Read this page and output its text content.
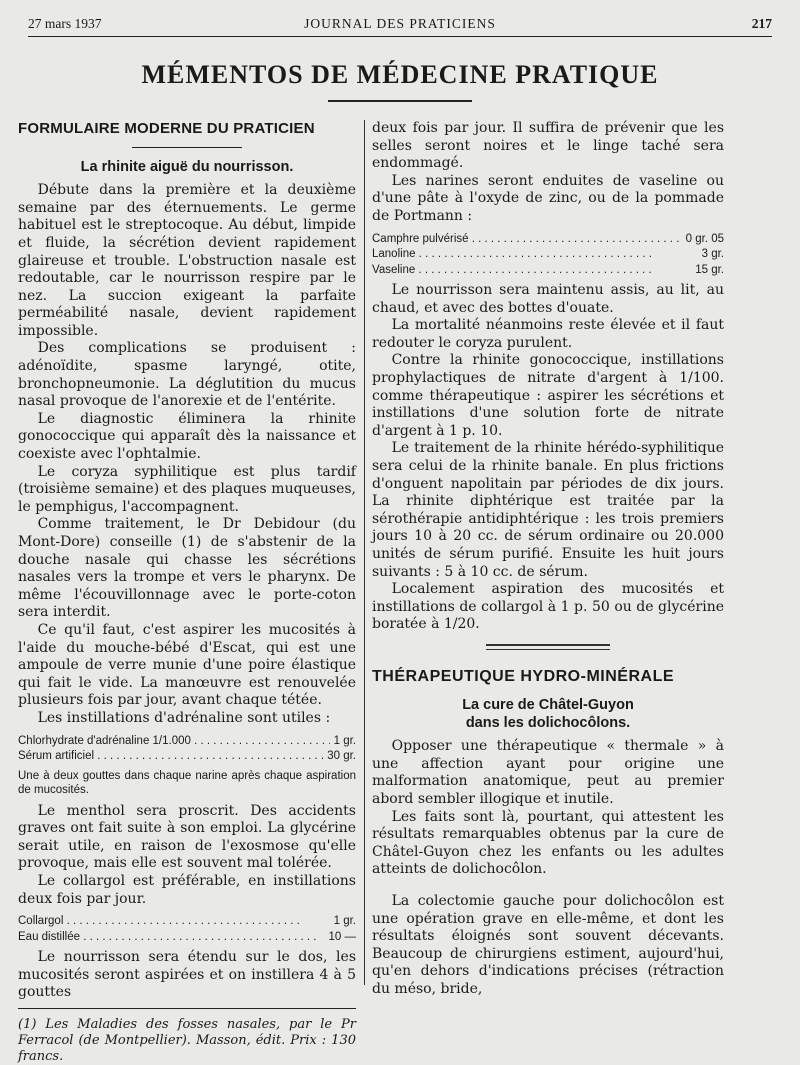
27 mars 1937	JOURNAL DES PRATICIENS	217
MÉMENTOS DE MÉDECINE PRATIQUE
FORMULAIRE MODERNE DU PRATICIEN
La rhinite aiguë du nourrisson.

Débute dans la première et la deuxième semaine par des éternuements. Le germe habituel est le streptocoque. Au début, limpide et fluide, la sécrétion devient rapidement glaireuse et trouble. L'obstruction nasale est redoutable, car le nourrisson respire par le nez. La succion exigeant la parfaite perméabilité nasale, devient rapidement impossible.

Des complications se produisent : adénoïdite, spasme laryngé, otite, bronchopneumonie. La déglutition du mucus nasal provoque de l'anorexie et de l'entérite.

Le diagnostic éliminera la rhinite gonococcique qui apparaît dès la naissance et coexiste avec l'ophtalmie.

Le coryza syphilitique est plus tardif (troisième semaine) et des plaques muqueuses, le pemphigus, l'accompagnent.

Comme traitement, le Dr Debidour (du Mont-Dore) conseille (1) de s'abstenir de la douche nasale qui chasse les sécrétions nasales vers la trompe et vers le pharynx. De même l'écouvillonnage avec le porte-coton sera interdit.

Ce qu'il faut, c'est aspirer les mucosités à l'aide du mouche-bébé d'Escat, qui est une ampoule de verre munie d'une poire élastique qui fait le vide. La manœuvre est renouvelée plusieurs fois par jour, avant chaque tétée.

Les instillations d'adrénaline sont utiles :

Chlorhydrate d'adrénaline 1/1.000 . . .	1 gr.
Sérum artificiel . . .	30 gr.

Une à deux gouttes dans chaque narine après chaque aspiration de mucosités.

Le menthol sera proscrit. Des accidents graves ont fait suite à son emploi. La glycérine serait utile, en raison de l'exosmose qu'elle provoque, mais elle est souvent mal tolérée.

Le collargol est préférable, en instillations deux fois par jour.

Collargol . . .	1 gr.
Eau distillée . . .	10 —

Le nourrisson sera étendu sur le dos, les mucosités seront aspirées et on instillera 4 à 5 gouttes

(1) Les Maladies des fosses nasales, par le Pr Ferracol (de Montpellier). Masson, édit. Prix : 130 francs.

deux fois par jour. Il suffira de prévenir que les selles seront noires et le linge taché sera endommagé.

Les narines seront enduites de vaseline ou d'une pâte à l'oxyde de zinc, ou de la pommade de Portmann :

Camphre pulvérisé . . .	0 gr. 05
Lanoline . . .	3 gr.
Vaseline . . .	15 gr.

Le nourrisson sera maintenu assis, au lit, au chaud, et avec des bottes d'ouate.

La mortalité néanmoins reste élevée et il faut redouter le coryza purulent.

Contre la rhinite gonococcique, instillations prophylactiques de nitrate d'argent à 1/100. comme thérapeutique : aspirer les sécrétions et instillations d'une solution forte de nitrate d'argent à 1 p. 10.

Le traitement de la rhinite hérédo-syphilitique sera celui de la rhinite banale. En plus frictions d'onguent napolitain par périodes de dix jours. La rhinite diphtérique est traitée par la sérothérapie antidiphtérique : les trois premiers jours 10 à 20 cc. de sérum ordinaire ou 20.000 unités de sérum purifié. Ensuite les huit jours suivants : 5 à 10 cc. de sérum.

Localement aspiration des mucosités et instillations de collargol à 1 p. 50 ou de glycérine boratée à 1/20.

THÉRAPEUTIQUE HYDRO-MINÉRALE
La cure de Châtel-Guyon
dans les dolichocôlons.

Opposer une thérapeutique « thermale » à une affection ayant pour origine une malformation anatomique, peut au premier abord sembler illogique et inutile.

Les faits sont là, pourtant, qui attestent les résultats remarquables obtenus par la cure de Châtel-Guyon chez les enfants ou les adultes atteints de dolichocôlon.

La colectomie gauche pour dolichocôlon est une opération grave en elle-même, et dont les résultats éloignés sont souvent décevants. Beaucoup de chirurgiens estiment, aujourd'hui, qu'en dehors d'indications précises (rétraction du méso, bride,
